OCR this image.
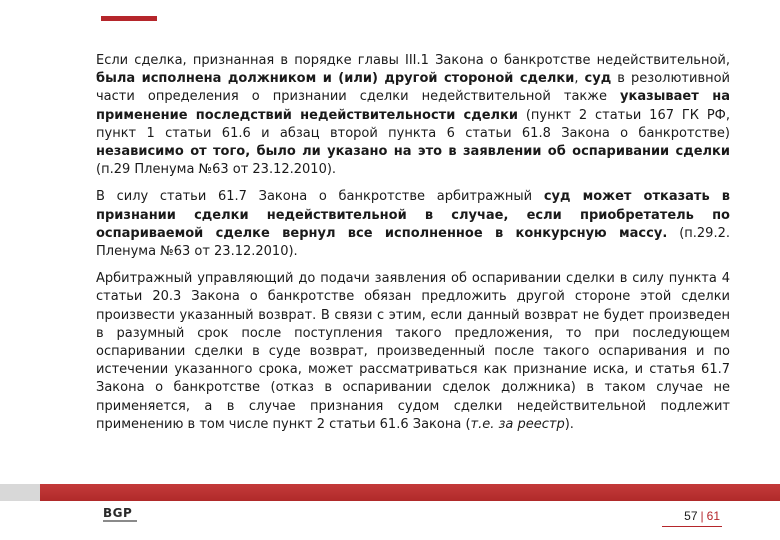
Если сделка, признанная в порядке главы III.1 Закона о банкротстве недействительной, была исполнена должником и (или) другой стороной сделки, суд в резолютивной части определения о признании сделки недействительной также указывает на применение последствий недействительности сделки (пункт 2 статьи 167 ГК РФ, пункт 1 статьи 61.6 и абзац второй пункта 6 статьи 61.8 Закона о банкротстве) независимо от того, было ли указано на это в заявлении об оспаривании сделки (п.29 Пленума №63 от 23.12.2010).

В силу статьи 61.7 Закона о банкротстве арбитражный суд может отказать в признании сделки недействительной в случае, если приобретатель по оспариваемой сделке вернул все исполненное в конкурсную массу. (п.29.2. Пленума №63 от 23.12.2010).

Арбитражный управляющий до подачи заявления об оспаривании сделки в силу пункта 4 статьи 20.3 Закона о банкротстве обязан предложить другой стороне этой сделки произвести указанный возврат. В связи с этим, если данный возврат не будет произведен в разумный срок после поступления такого предложения, то при последующем оспаривании сделки в суде возврат, произведенный после такого оспаривания и по истечении указанного срока, может рассматриваться как признание иска, и статья 61.7 Закона о банкротстве (отказ в оспаривании сделок должника) в таком случае не применяется, а в случае признания судом сделки недействительной подлежит применению в том числе пункт 2 статьи 61.6 Закона (т.е. за реестр).

BGP	57 | 61
